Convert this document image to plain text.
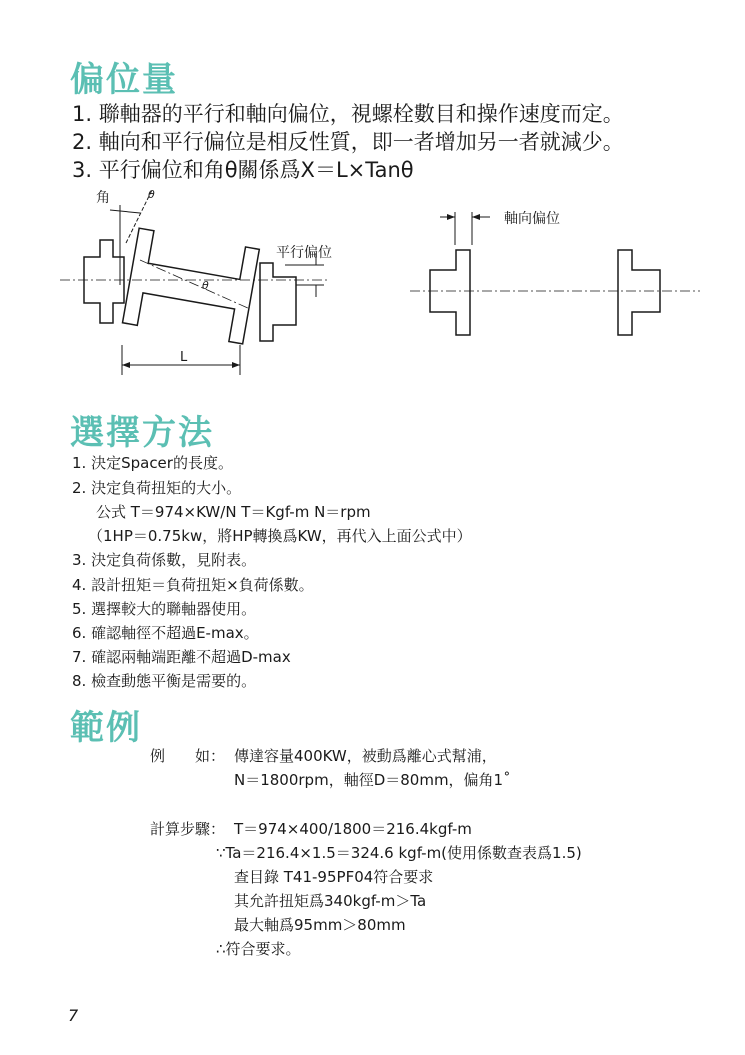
偏位量

1. 聯軸器的平行和軸向偏位，視螺栓數目和操作速度而定。

2. 軸向和平行偏位是相反性質，即一者增加另一者就減少。

3. 平行偏位和角θ關係爲X＝L×Tanθ

角	θ
θ
平行偏位
L
軸向偏位
選擇方法

1. 決定Spacer的長度。

2. 決定負荷扭矩的大小。

公式 T＝974×KW/N T＝Kgf-m N＝rpm

（1HP＝0.75kw，將HP轉換爲KW，再代入上面公式中）

3. 決定負荷係數，見附表。

4. 設計扭矩＝負荷扭矩×負荷係數。

5. 選擇較大的聯軸器使用。

6. 確認軸徑不超過E-max。

7. 確認兩軸端距離不超過D-max

8. 檢查動態平衡是需要的。

範例

例　　如： 傳達容量400KW，被動爲離心式幫浦，

N＝1800rpm，軸徑D＝80mm，偏角1˚

計算步驟： T＝974×400/1800＝216.4kgf-m

∵Ta＝216.4×1.5＝324.6 kgf-m(使用係數查表爲1.5)

查目錄 T41-95PF04符合要求

其允許扭矩爲340kgf-m＞Ta

最大軸爲95mm＞80mm

∴符合要求。

7
